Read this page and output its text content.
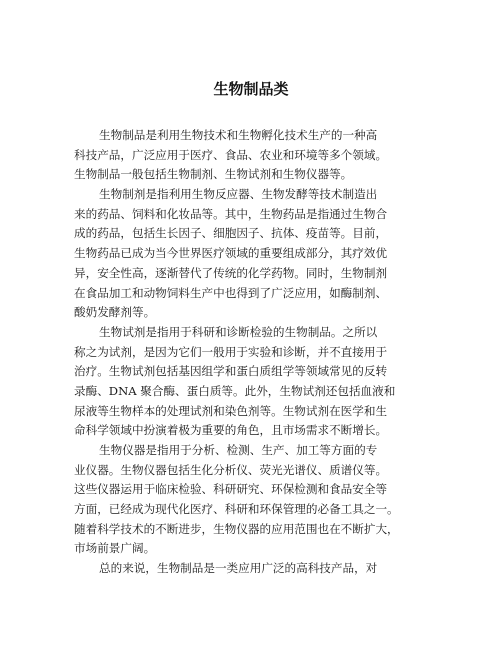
生物制品类
生物制品是利用生物技术和生物孵化技术生产的一种高
科技产品，广泛应用于医疗、食品、农业和环境等多个领域。
生物制品一般包括生物制剂、生物试剂和生物仪器等。
生物制剂是指利用生物反应器、生物发酵等技术制造出
来的药品、饲料和化妆品等。其中，生物药品是指通过生物合
成的药品，包括生长因子、细胞因子、抗体、疫苗等。目前，
生物药品已成为当今世界医疗领域的重要组成部分，其疗效优
异，安全性高，逐渐替代了传统的化学药物。同时，生物制剂
在食品加工和动物饲料生产中也得到了广泛应用，如酶制剂、
酸奶发酵剂等。
生物试剂是指用于科研和诊断检验的生物制品。之所以
称之为试剂，是因为它们一般用于实验和诊断，并不直接用于
治疗。生物试剂包括基因组学和蛋白质组学等领域常见的反转
录酶、DNA 聚合酶、蛋白质等。此外，生物试剂还包括血液和
尿液等生物样本的处理试剂和染色剂等。生物试剂在医学和生
命科学领域中扮演着极为重要的角色，且市场需求不断增长。
生物仪器是指用于分析、检测、生产、加工等方面的专
业仪器。生物仪器包括生化分析仪、荧光光谱仪、质谱仪等。
这些仪器运用于临床检验、科研研究、环保检测和食品安全等
方面，已经成为现代化医疗、科研和环保管理的必备工具之一。
随着科学技术的不断进步，生物仪器的应用范围也在不断扩大，
市场前景广阔。
总的来说，生物制品是一类应用广泛的高科技产品，对
